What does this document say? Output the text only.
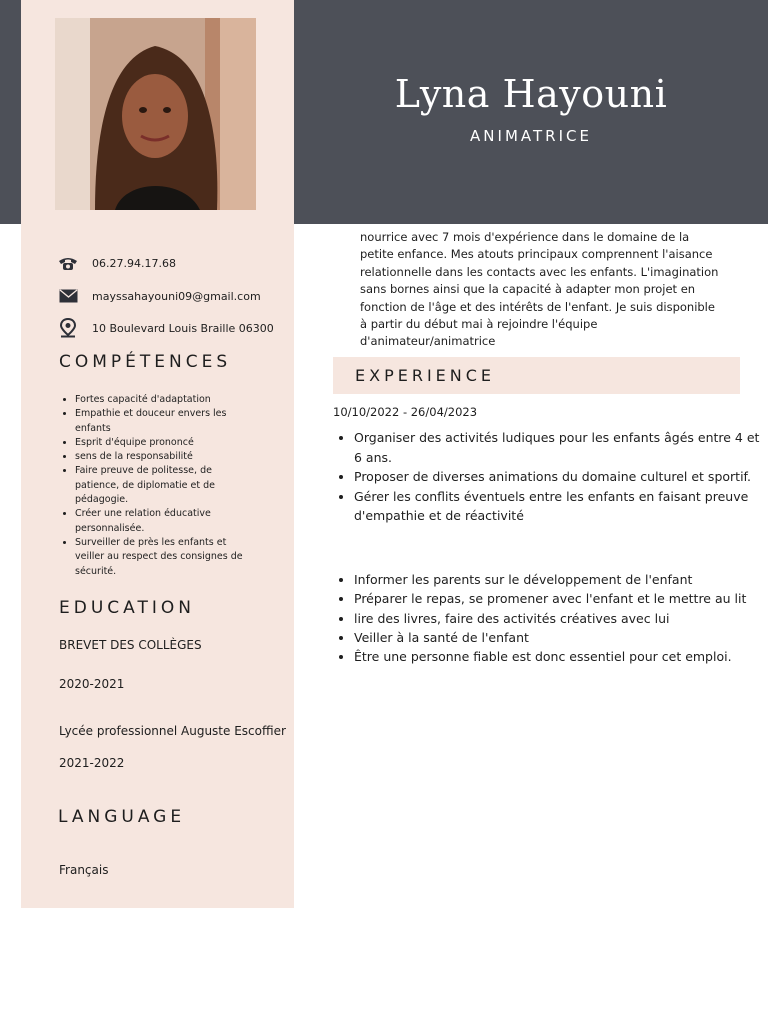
Lyna Hayouni
ANIMATRICE
06.27.94.17.68
mayssahayouni09@gmail.com
10 Boulevard Louis Braille 06300
COMPÉTENCES
• Fortes capacité d'adaptation
• Empathie et douceur envers les enfants
• Esprit d'équipe prononcé
• sens de la responsabilité
• Faire preuve de politesse, de patience, de diplomatie et de pédagogie.
• Créer une relation éducative personnalisée.
• Surveiller de près les enfants et veiller au respect des consignes de sécurité.
EDUCATION
BREVET DES COLLÈGES
2020-2021
Lycée professionnel Auguste Escoffier
2021-2022
LANGUAGE
Français

nourrice avec 7 mois d'expérience dans le domaine de la petite enfance. Mes atouts principaux comprennent l'aisance relationnelle dans les contacts avec les enfants. L'imagination sans bornes ainsi que la capacité à adapter mon projet en fonction de l'âge et des intérêts de l'enfant. Je suis disponible à partir du début mai à rejoindre l'équipe d'animateur/animatrice

EXPERIENCE
10/10/2022 - 26/04/2023
• Organiser des activités ludiques pour les enfants âgés entre 4 et 6 ans.
• Proposer de diverses animations du domaine culturel et sportif.
• Gérer les conflits éventuels entre les enfants en faisant preuve d'empathie et de réactivité
• Informer les parents sur le développement de l'enfant
• Préparer le repas, se promener avec l'enfant et le mettre au lit
• lire des livres, faire des activités créatives avec lui
• Veiller à la santé de l'enfant
• Être une personne fiable est donc essentiel pour cet emploi.
